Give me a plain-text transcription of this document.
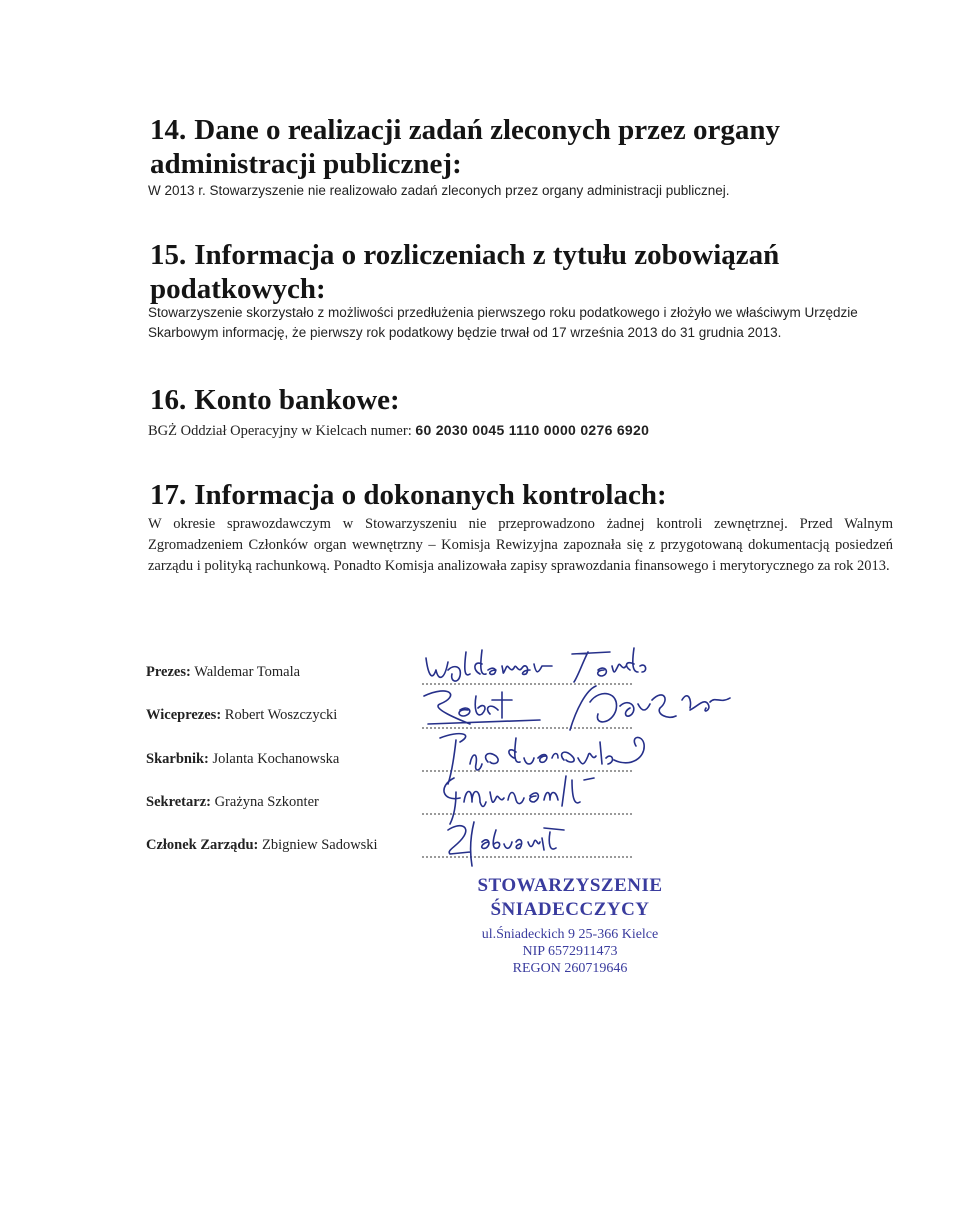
14. Dane o realizacji zadań zleconych przez organy administracji publicznej:

W 2013 r. Stowarzyszenie nie realizowało zadań zleconych przez organy administracji publicznej.

15. Informacja o rozliczeniach z tytułu zobowiązań podatkowych:

Stowarzyszenie skorzystało z możliwości przedłużenia pierwszego roku podatkowego i złożyło we właściwym Urzędzie Skarbowym informację, że pierwszy rok podatkowy będzie trwał od 17 września 2013 do 31 grudnia 2013.

16. Konto bankowe:

BGŻ Oddział Operacyjny w Kielcach numer: 60 2030 0045 1110 0000 0276 6920

17. Informacja o dokonanych kontrolach:

W okresie sprawozdawczym w Stowarzyszeniu nie przeprowadzono żadnej kontroli zewnętrznej. Przed Walnym Zgromadzeniem Członków organ wewnętrzny – Komisja Rewizyjna zapoznała się z przygotowaną dokumentacją posiedzeń zarządu i polityką rachunkową. Ponadto Komisja analizowała zapisy sprawozdania finansowego i merytorycznego za rok 2013.

Prezes: Waldemar Tomala
Wiceprezes: Robert Woszczycki
Skarbnik: Jolanta Kochanowska
Sekretarz: Grażyna Szkonter
Członek Zarządu: Zbigniew Sadowski
STOWARZYSZENIE
ŚNIADECCZYCY
ul.Śniadeckich 9 25-366 Kielce
NIP 6572911473
REGON 260719646
